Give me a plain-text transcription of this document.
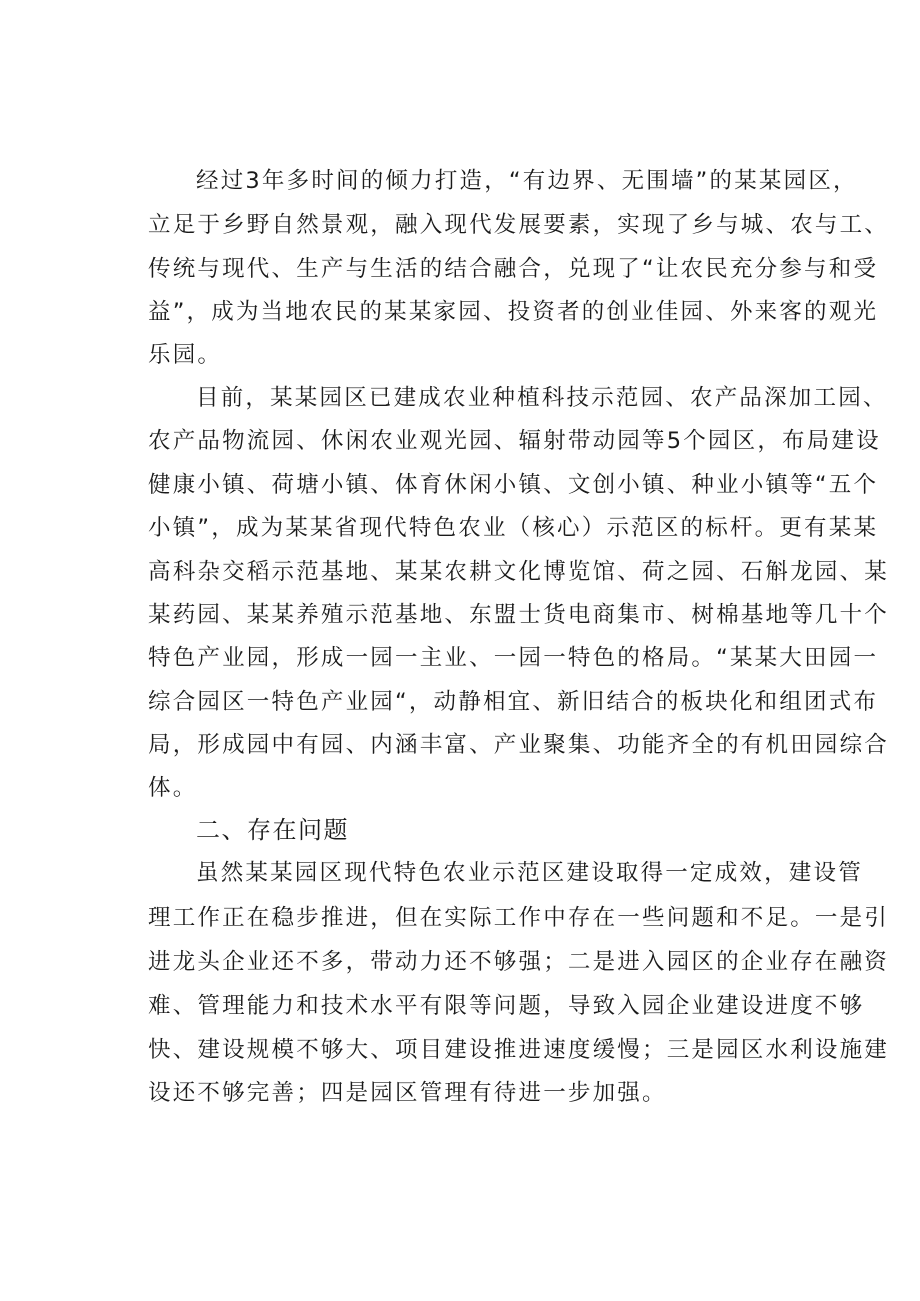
经过3年多时间的倾力打造，“有边界、无围墙”的某某园区，
立足于乡野自然景观，融入现代发展要素，实现了乡与城、农与工、
传统与现代、生产与生活的结合融合，兑现了“让农民充分参与和受
益”，成为当地农民的某某家园、投资者的创业佳园、外来客的观光
乐园。
目前，某某园区已建成农业种植科技示范园、农产品深加工园、
农产品物流园、休闲农业观光园、辐射带动园等5个园区，布局建设
健康小镇、荷塘小镇、体育休闲小镇、文创小镇、种业小镇等“五个
小镇”，成为某某省现代特色农业（核心）示范区的标杆。更有某某
高科杂交稻示范基地、某某农耕文化博览馆、荷之园、石斛龙园、某
某药园、某某养殖示范基地、东盟士货电商集市、树棉基地等几十个
特色产业园，形成一园一主业、一园一特色的格局。“某某大田园一
综合园区一特色产业园“，动静相宜、新旧结合的板块化和组团式布
局，形成园中有园、内涵丰富、产业聚集、功能齐全的有机田园综合
体。
二、存在问题
虽然某某园区现代特色农业示范区建设取得一定成效，建设管
理工作正在稳步推进，但在实际工作中存在一些问题和不足。一是引
进龙头企业还不多，带动力还不够强；二是进入园区的企业存在融资
难、管理能力和技术水平有限等问题，导致入园企业建设进度不够
快、建设规模不够大、项目建设推进速度缓慢；三是园区水利设施建
设还不够完善；四是园区管理有待进一步加强。
